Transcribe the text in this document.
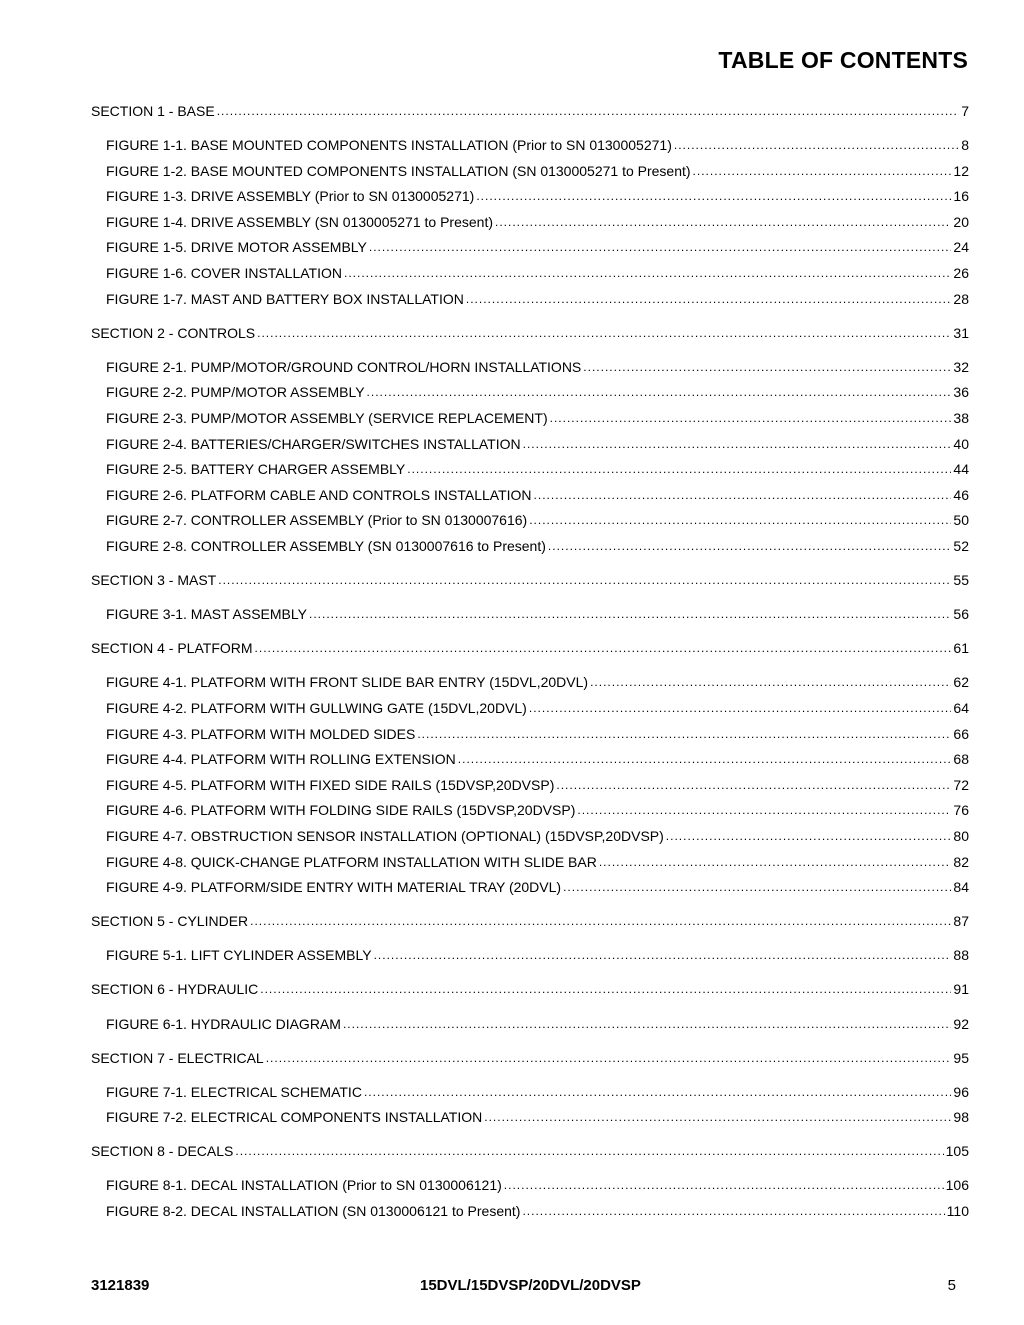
TABLE OF CONTENTS
SECTION 1 - BASE .....	7
FIGURE 1-1. BASE MOUNTED COMPONENTS INSTALLATION (Prior to SN 0130005271) .....	8
FIGURE 1-2. BASE MOUNTED COMPONENTS INSTALLATION (SN 0130005271 to Present) .....	12
FIGURE 1-3. DRIVE ASSEMBLY (Prior to SN 0130005271) .....	16
FIGURE 1-4. DRIVE ASSEMBLY (SN 0130005271 to Present) .....	20
FIGURE 1-5. DRIVE MOTOR ASSEMBLY .....	24
FIGURE 1-6. COVER INSTALLATION .....	26
FIGURE 1-7. MAST AND BATTERY BOX INSTALLATION .....	28
SECTION 2 - CONTROLS .....	31
FIGURE 2-1. PUMP/MOTOR/GROUND CONTROL/HORN INSTALLATIONS .....	32
FIGURE 2-2. PUMP/MOTOR ASSEMBLY .....	36
FIGURE 2-3. PUMP/MOTOR ASSEMBLY (SERVICE REPLACEMENT) .....	38
FIGURE 2-4. BATTERIES/CHARGER/SWITCHES INSTALLATION .....	40
FIGURE 2-5. BATTERY CHARGER ASSEMBLY .....	44
FIGURE 2-6. PLATFORM CABLE AND CONTROLS INSTALLATION .....	46
FIGURE 2-7. CONTROLLER ASSEMBLY (Prior to SN 0130007616) .....	50
FIGURE 2-8. CONTROLLER ASSEMBLY (SN 0130007616 to Present) .....	52
SECTION 3 - MAST .....	55
FIGURE 3-1. MAST ASSEMBLY .....	56
SECTION 4 - PLATFORM .....	61
FIGURE 4-1. PLATFORM WITH FRONT SLIDE BAR ENTRY (15DVL,20DVL) .....	62
FIGURE 4-2. PLATFORM WITH GULLWING GATE (15DVL,20DVL) .....	64
FIGURE 4-3. PLATFORM WITH MOLDED SIDES .....	66
FIGURE 4-4. PLATFORM WITH ROLLING EXTENSION .....	68
FIGURE 4-5. PLATFORM WITH FIXED SIDE RAILS (15DVSP,20DVSP) .....	72
FIGURE 4-6. PLATFORM WITH FOLDING SIDE RAILS (15DVSP,20DVSP) .....	76
FIGURE 4-7. OBSTRUCTION SENSOR INSTALLATION (OPTIONAL) (15DVSP,20DVSP) .....	80
FIGURE 4-8. QUICK-CHANGE PLATFORM INSTALLATION WITH SLIDE BAR .....	82
FIGURE 4-9. PLATFORM/SIDE ENTRY WITH MATERIAL TRAY (20DVL) .....	84
SECTION 5 - CYLINDER .....	87
FIGURE 5-1. LIFT CYLINDER ASSEMBLY .....	88
SECTION 6 - HYDRAULIC .....	91
FIGURE 6-1. HYDRAULIC DIAGRAM .....	92
SECTION 7 - ELECTRICAL .....	95
FIGURE 7-1. ELECTRICAL SCHEMATIC .....	96
FIGURE 7-2. ELECTRICAL COMPONENTS INSTALLATION .....	98
SECTION 8 - DECALS .....	105
FIGURE 8-1. DECAL INSTALLATION (Prior to SN 0130006121) .....	106
FIGURE 8-2. DECAL INSTALLATION (SN 0130006121 to Present) .....	110
3121839	15DVL/15DVSP/20DVL/20DVSP	5
